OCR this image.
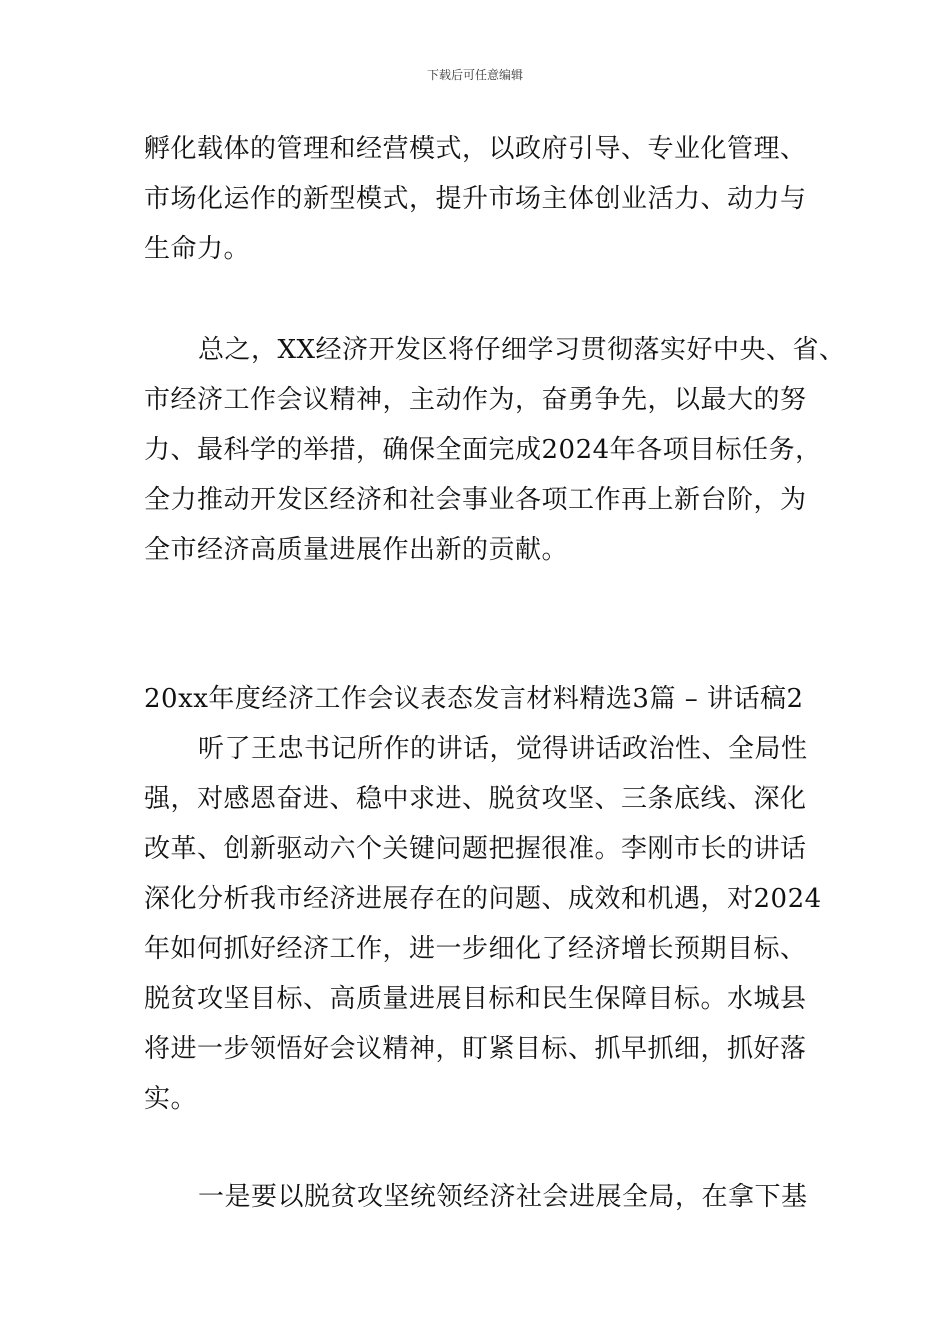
下载后可任意编辑
孵化载体的管理和经营模式，以政府引导、专业化管理、
市场化运作的新型模式，提升市场主体创业活力、动力与
生命力。
总之，XX经济开发区将仔细学习贯彻落实好中央、省、
市经济工作会议精神，主动作为，奋勇争先，以最大的努
力、最科学的举措，确保全面完成2024年各项目标任务，
全力推动开发区经济和社会事业各项工作再上新台阶，为
全市经济高质量进展作出新的贡献。
20xx年度经济工作会议表态发言材料精选3篇 – 讲话稿2
听了王忠书记所作的讲话，觉得讲话政治性、全局性
强，对感恩奋进、稳中求进、脱贫攻坚、三条底线、深化
改革、创新驱动六个关键问题把握很准。李刚市长的讲话
深化分析我市经济进展存在的问题、成效和机遇，对2024
年如何抓好经济工作，进一步细化了经济增长预期目标、
脱贫攻坚目标、高质量进展目标和民生保障目标。水城县
将进一步领悟好会议精神，盯紧目标、抓早抓细，抓好落
实。
一是要以脱贫攻坚统领经济社会进展全局，在拿下基
